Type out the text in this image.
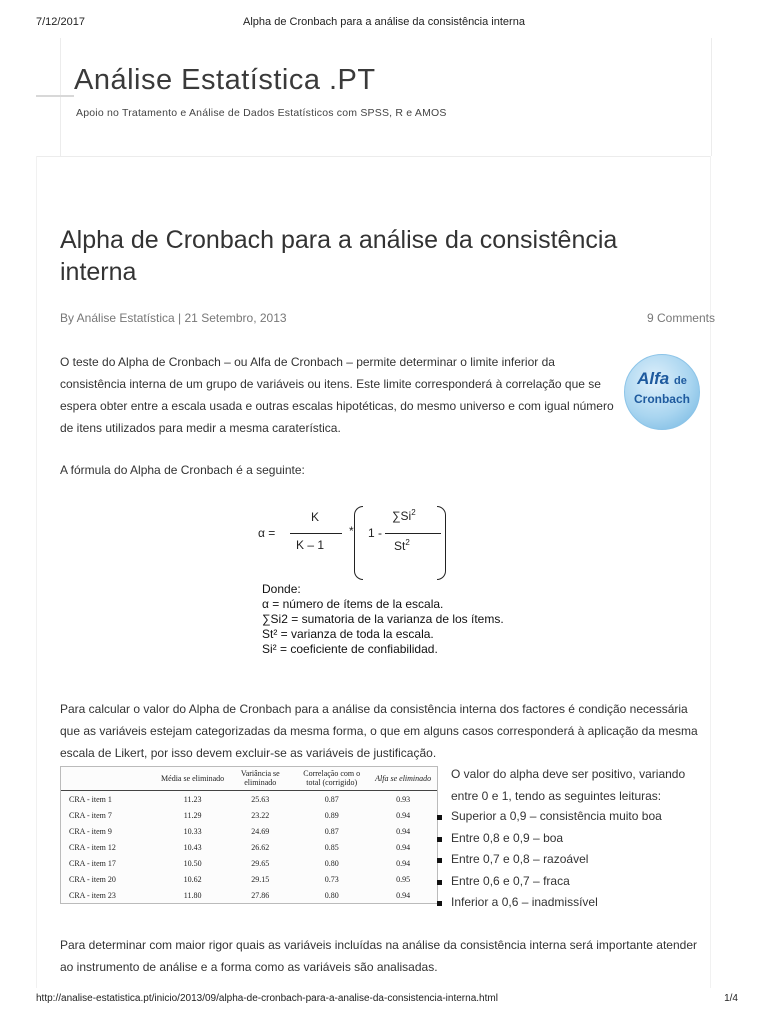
7/12/2017	Alpha de Cronbach para a análise da consistência interna
Análise Estatística .PT
Apoio no Tratamento e Análise de Dados Estatísticos com SPSS, R e AMOS
Alpha de Cronbach para a análise da consistência interna
By Análise Estatística | 21 Setembro, 2013	9 Comments
O teste do Alpha de Cronbach – ou Alfa de Cronbach – permite determinar o limite inferior da consistência interna de um grupo de variáveis ou itens. Este limite corresponderá à correlação que se espera obter entre a escala usada e outras escalas hipotéticas, do mesmo universo e com igual número de itens utilizados para medir a mesma caraterística.
Alfa de
Cronbach
A fórmula do Alpha de Cronbach é a seguinte:
α =
K
K – 1
* 1 -
∑Si$^2$
St$^2$
Donde:
α = número de ítems de la escala.
∑Si2 = sumatoria de la varianza de los ítems.
St² = varianza de toda la escala.
Si² = coeficiente de confiabilidad.
Para calcular o valor do Alpha de Cronbach para a análise da consistência interna dos factores é condição necessária que as variáveis estejam categorizadas da mesma forma, o que em alguns casos corresponderá à aplicação da mesma escala de Likert, por isso devem excluir-se as variáveis de justificação.
	Média se eliminado	Variância se eliminado	Correlação com o total (corrigido)	Alfa se eliminado
CRA - item 1	11.23	25.63	0.87	0.93
CRA - item 7	11.29	23.22	0.89	0.94
CRA - item 9	10.33	24.69	0.87	0.94
CRA - item 12	10.43	26.62	0.85	0.94
CRA - item 17	10.50	29.65	0.80	0.94
CRA - item 20	10.62	29.15	0.73	0.95
CRA - item 23	11.80	27.86	0.80	0.94
O valor do alpha deve ser positivo, variando entre 0 e 1, tendo as seguintes leituras:
Superior a 0,9 – consistência muito boa
Entre 0,8 e 0,9 – boa
Entre 0,7 e 0,8 – razoável
Entre 0,6 e 0,7 – fraca
Inferior a 0,6 – inadmissível
Para determinar com maior rigor quais as variáveis incluídas na análise da consistência interna será importante atender ao instrumento de análise e a forma como as variáveis são analisadas.
http://analise-estatistica.pt/inicio/2013/09/alpha-de-cronbach-para-a-analise-da-consistencia-interna.html	1/4
